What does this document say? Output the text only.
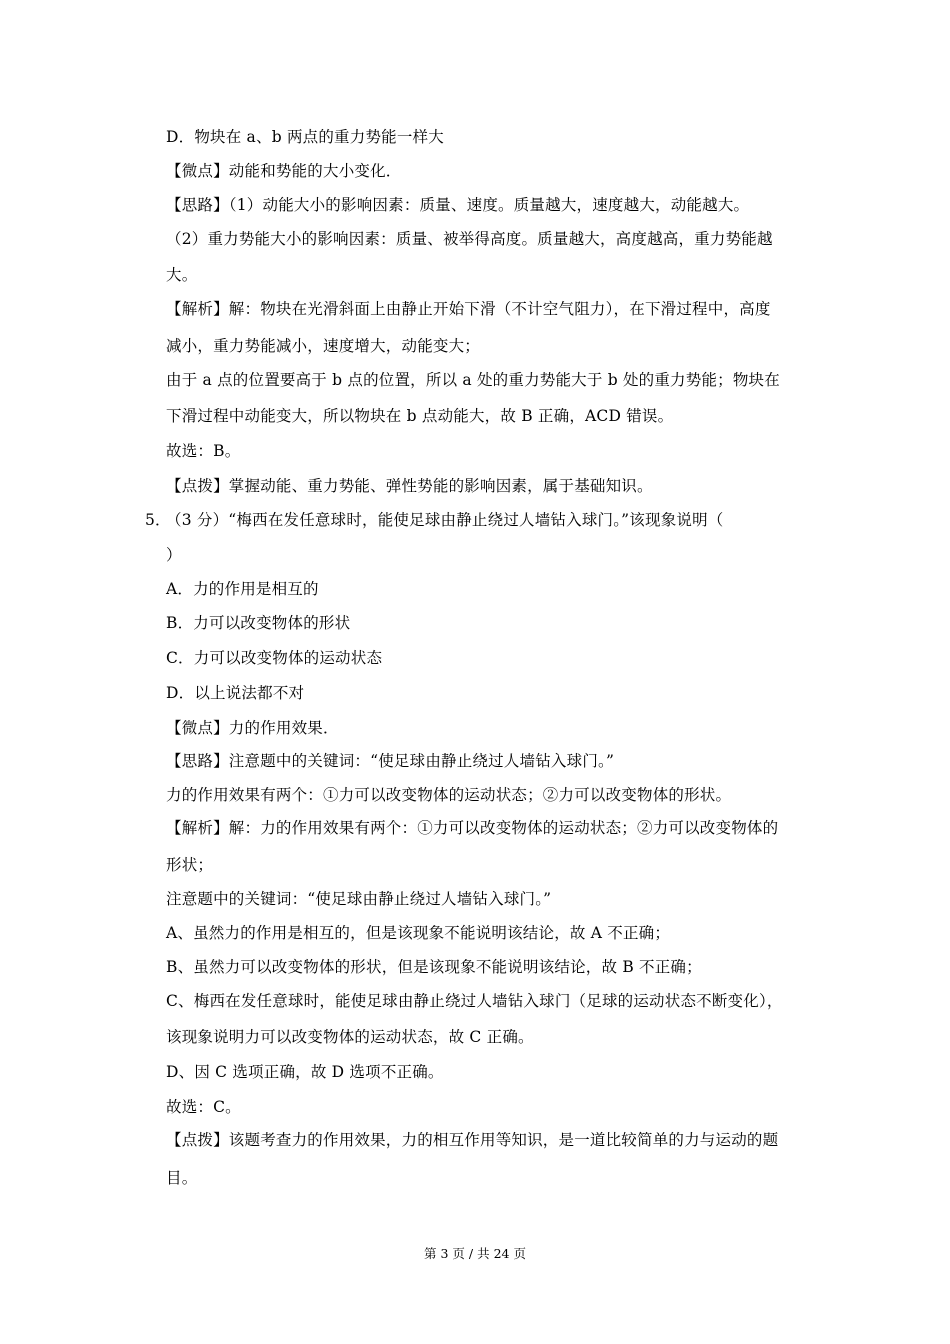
D．物块在 a、b 两点的重力势能一样大
【微点】动能和势能的大小变化．
【思路】（1）动能大小的影响因素：质量、速度。质量越大，速度越大，动能越大。
（2）重力势能大小的影响因素：质量、被举得高度。质量越大，高度越高，重力势能越
大。
【解析】解：物块在光滑斜面上由静止开始下滑（不计空气阻力），在下滑过程中，高度
减小，重力势能减小，速度增大，动能变大；
由于 a 点的位置要高于 b 点的位置，所以 a 处的重力势能大于 b 处的重力势能；物块在
下滑过程中动能变大，所以物块在 b 点动能大，故 B 正确，ACD 错误。
故选：B。
【点拨】掌握动能、重力势能、弹性势能的影响因素，属于基础知识。
5．
（3 分）“梅西在发任意球时，能使足球由静止绕过人墙钻入球门。”该现象说明（
）
A．力的作用是相互的
B．力可以改变物体的形状
C．力可以改变物体的运动状态
D．以上说法都不对
【微点】力的作用效果．
【思路】注意题中的关键词：“使足球由静止绕过人墙钻入球门。”
力的作用效果有两个：①力可以改变物体的运动状态；②力可以改变物体的形状。
【解析】解：力的作用效果有两个：①力可以改变物体的运动状态；②力可以改变物体的
形状；
注意题中的关键词：“使足球由静止绕过人墙钻入球门。”
A、虽然力的作用是相互的，但是该现象不能说明该结论，故 A 不正确；
B、虽然力可以改变物体的形状，但是该现象不能说明该结论，故 B 不正确；
C、梅西在发任意球时，能使足球由静止绕过人墙钻入球门（足球的运动状态不断变化），
该现象说明力可以改变物体的运动状态，故 C 正确。
D、因 C 选项正确，故 D 选项不正确。
故选：C。
【点拨】该题考查力的作用效果，力的相互作用等知识，是一道比较简单的力与运动的题
目。
第 3 页 / 共 24 页
